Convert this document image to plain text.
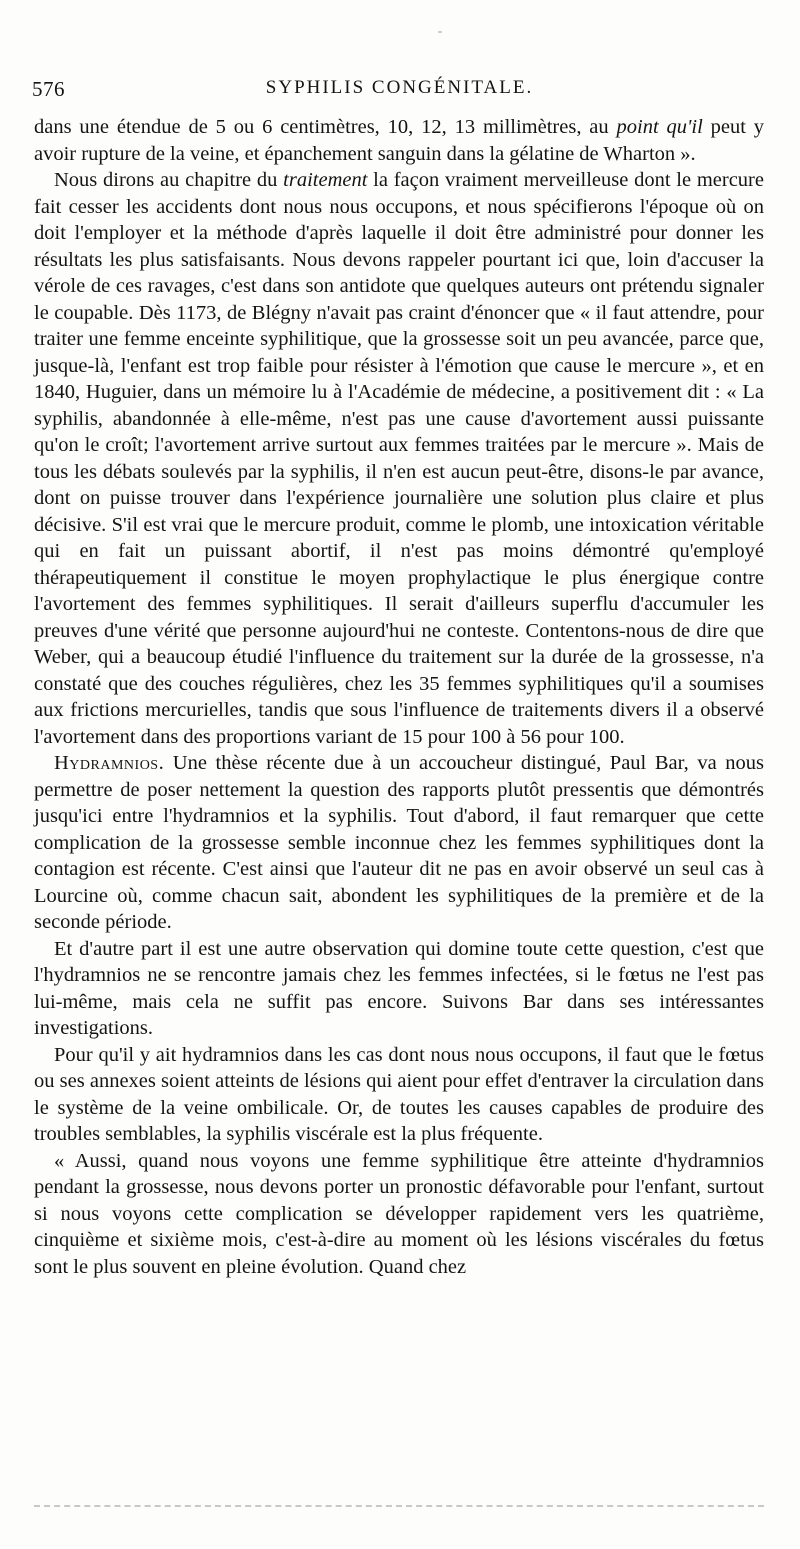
576	SYPHILIS CONGÉNITALE.

dans une étendue de 5 ou 6 centimètres, 10, 12, 13 millimètres, au point qu'il peut y avoir rupture de la veine, et épanchement sanguin dans la gélatine de Wharton ».

Nous dirons au chapitre du traitement la façon vraiment merveilleuse dont le mercure fait cesser les accidents dont nous nous occupons, et nous spécifierons l'époque où on doit l'employer et la méthode d'après laquelle il doit être administré pour donner les résultats les plus satisfaisants. Nous devons rappeler pourtant ici que, loin d'accuser la vérole de ces ravages, c'est dans son antidote que quelques auteurs ont prétendu signaler le coupable. Dès 1173, de Blégny n'avait pas craint d'énoncer que « il faut attendre, pour traiter une femme enceinte syphilitique, que la grossesse soit un peu avancée, parce que, jusque-là, l'enfant est trop faible pour résister à l'émotion que cause le mercure », et en 1840, Huguier, dans un mémoire lu à l'Académie de médecine, a positivement dit : « La syphilis, abandonnée à elle-même, n'est pas une cause d'avortement aussi puissante qu'on le croît; l'avortement arrive surtout aux femmes traitées par le mercure ». Mais de tous les débats soulevés par la syphilis, il n'en est aucun peut-être, disons-le par avance, dont on puisse trouver dans l'expérience journalière une solution plus claire et plus décisive. S'il est vrai que le mercure produit, comme le plomb, une intoxication véritable qui en fait un puissant abortif, il n'est pas moins démontré qu'employé thérapeutiquement il constitue le moyen prophylactique le plus énergique contre l'avortement des femmes syphilitiques. Il serait d'ailleurs superflu d'accumuler les preuves d'une vérité que personne aujourd'hui ne conteste. Contentons-nous de dire que Weber, qui a beaucoup étudié l'influence du traitement sur la durée de la grossesse, n'a constaté que des couches régulières, chez les 35 femmes syphilitiques qu'il a soumises aux frictions mercurielles, tandis que sous l'influence de traitements divers il a observé l'avortement dans des proportions variant de 15 pour 100 à 56 pour 100.

Hydramnios. Une thèse récente due à un accoucheur distingué, Paul Bar, va nous permettre de poser nettement la question des rapports plutôt pressentis que démontrés jusqu'ici entre l'hydramnios et la syphilis. Tout d'abord, il faut remarquer que cette complication de la grossesse semble inconnue chez les femmes syphilitiques dont la contagion est récente. C'est ainsi que l'auteur dit ne pas en avoir observé un seul cas à Lourcine où, comme chacun sait, abondent les syphilitiques de la première et de la seconde période.

Et d'autre part il est une autre observation qui domine toute cette question, c'est que l'hydramnios ne se rencontre jamais chez les femmes infectées, si le fœtus ne l'est pas lui-même, mais cela ne suffit pas encore. Suivons Bar dans ses intéressantes investigations.

Pour qu'il y ait hydramnios dans les cas dont nous nous occupons, il faut que le fœtus ou ses annexes soient atteints de lésions qui aient pour effet d'entraver la circulation dans le système de la veine ombilicale. Or, de toutes les causes capables de produire des troubles semblables, la syphilis viscérale est la plus fréquente.

« Aussi, quand nous voyons une femme syphilitique être atteinte d'hydramnios pendant la grossesse, nous devons porter un pronostic défavorable pour l'enfant, surtout si nous voyons cette complication se développer rapidement vers les quatrième, cinquième et sixième mois, c'est-à-dire au moment où les lésions viscérales du fœtus sont le plus souvent en pleine évolution. Quand chez
